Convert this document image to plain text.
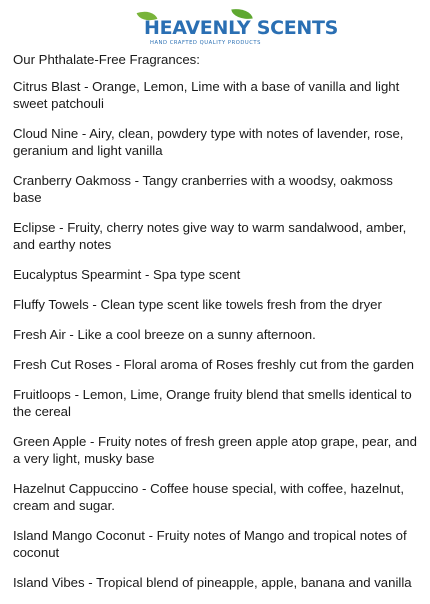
HEAVENLY SCENTS
HAND CRAFTED QUALITY PRODUCTS

Our Phthalate-Free Fragrances:

Citrus Blast - Orange, Lemon, Lime with a base of vanilla and light sweet patchouli

Cloud Nine - Airy, clean, powdery type with notes of lavender, rose, geranium and light vanilla

Cranberry Oakmoss - Tangy cranberries with a woodsy, oakmoss base

Eclipse - Fruity, cherry notes give way to warm sandalwood, amber, and earthy notes

Eucalyptus Spearmint - Spa type scent

Fluffy Towels - Clean type scent like towels fresh from the dryer

Fresh Air - Like a cool breeze on a sunny afternoon.

Fresh Cut Roses - Floral aroma of Roses freshly cut from the garden

Fruitloops - Lemon, Lime, Orange fruity blend that smells identical to the cereal

Green Apple - Fruity notes of fresh green apple atop grape, pear, and a very light, musky base

Hazelnut Cappuccino - Coffee house special, with coffee, hazelnut, cream and sugar.

Island Mango Coconut - Fruity notes of Mango and tropical notes of coconut

Island Vibes - Tropical blend of pineapple, apple, banana and vanilla
